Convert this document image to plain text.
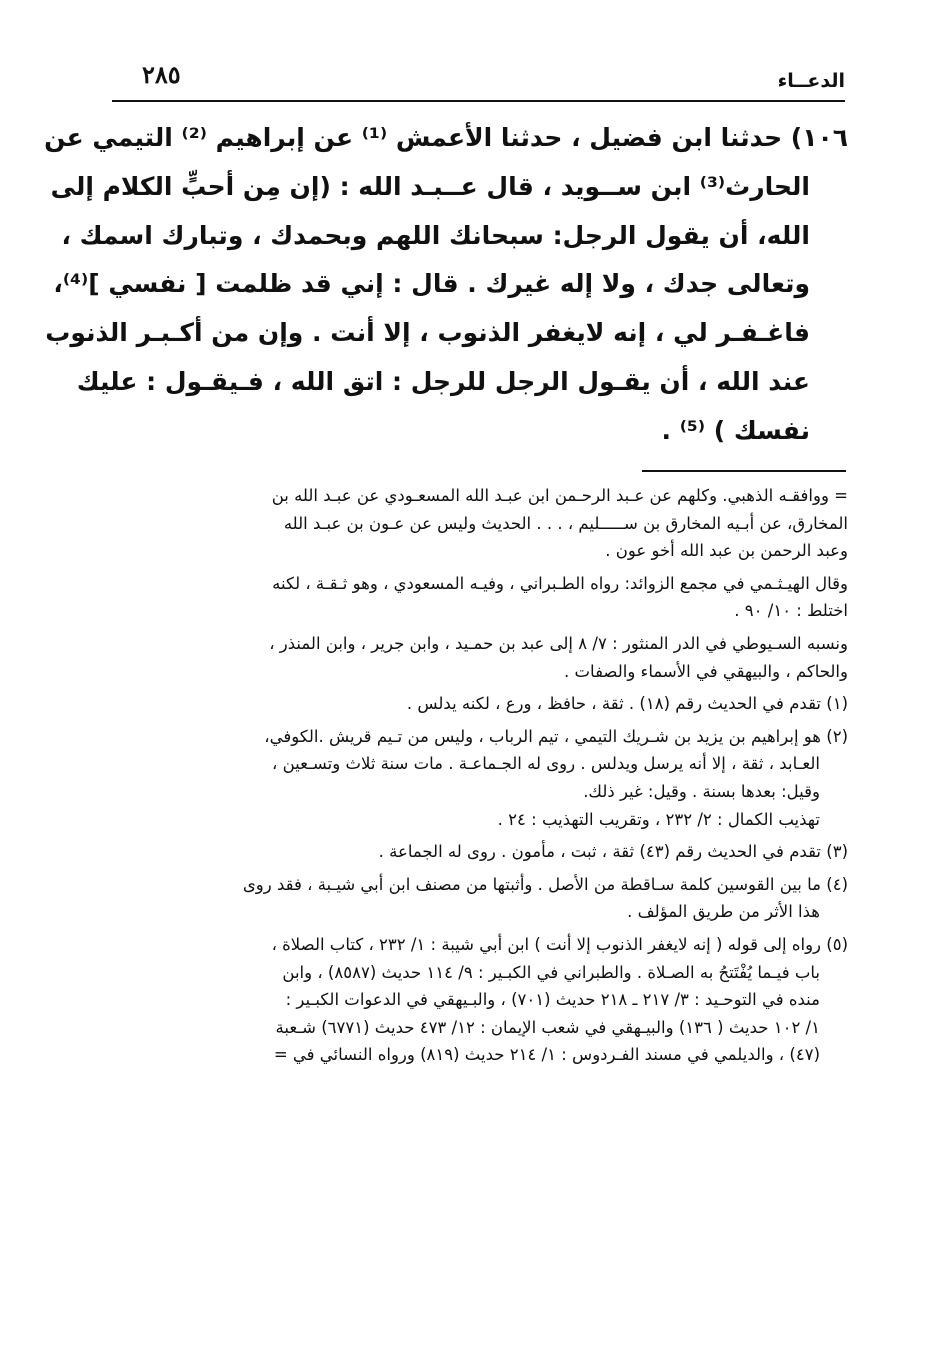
٢٨٥	الدعــاء
١٠٦) حدثنا ابن فضيل ، حدثنا الأعمش ⁽¹⁾ عن إبراهيم ⁽²⁾ التيمي عن
الحارث⁽³⁾ ابن ســويد ، قال عــبـد الله : (إن مِن أحبٍّ الكلام إلى
الله، أن يقول الرجل: سبحانك اللهم وبحمدك ، وتبارك اسمك ،
وتعالى جدك ، ولا إله غيرك . قال : إني قد ظلمت [ نفسي ]⁽⁴⁾،
فاغـفـر لي ، إنه لايغفر الذنوب ، إلا أنت . وإن من أكـبـر الذنوب
عند الله ، أن يقـول الرجل للرجل : اتق الله ، فـيقـول : عليك
نفسك ) ⁽⁵⁾ .
= ووافقـه الذهبي. وكلهم عن عـبد الرحـمن ابن عبـد الله المسعـودي عن عبـد الله بن
المخارق، عن أبـيه المخارق بن ســـــليم ، . . . الحديث وليس عن عـون بن عبـد الله
وعبد الرحمن بن عبد الله أخو عون .
وقال الهيـثـمي في مجمع الزوائد: رواه الطـبراني ، وفيـه المسعودي ، وهو ثـقـة ، لكنه
اختلط : ١٠/ ٩٠ .
ونسبه السـيوطي في الدر المنثور : ٧/ ٨ إلى عبد بن حمـيد ، وابن جرير ، وابن المنذر ،
والحاكم ، والبيهقي في الأسماء والصفات .
(١) تقدم في الحديث رقم (١٨) . ثقة ، حافظ ، ورع ، لكنه يدلس .
(٢) هو إبراهيم بن يزيد بن شـريك التيمي ، تيم الرباب ، وليس من تـيم قريش .الكوفي،
العـابد ، ثقة ، إلا أنه يرسل ويدلس . روى له الجـماعـة . مات سنة ثلاث وتسـعين ،
وقيل: بعدها بسنة . وقيل: غير ذلك.
تهذيب الكمال : ٢/ ٢٣٢ ، وتقريب التهذيب : ٢٤ .
(٣) تقدم في الحديث رقم (٤٣) ثقة ، ثبت ، مأمون . روى له الجماعة .
(٤) ما بين القوسين كلمة سـاقطة من الأصل . وأثبتها من مصنف ابن أبي شيـبة ، فقد روى
هذا الأثر من طريق المؤلف .
(٥) رواه إلى قوله ( إنه لايغفر الذنوب إلا أنت ) ابن أبي شيبة : ١/ ٢٣٢ ، كتاب الصلاة ،
باب فيـما يُفْتَتحُ به الصـلاة . والطبراني في الكبـير : ٩/ ١١٤ حديث (٨٥٨٧) ، وابن
منده في التوحـيد : ٣/ ٢١٧ ـ ٢١٨ حديث (٧٠١) ، والبـيهقي في الدعوات الكبـير :
١/ ١٠٢ حديث ( ١٣٦) والبيـهقي في شعب الإيمان : ١٢/ ٤٧٣ حديث (٦٧٧١) شـعبة
(٤٧) ، والديلمي في مسند الفـردوس : ١/ ٢١٤ حديث (٨١٩) ورواه النسائي في =
